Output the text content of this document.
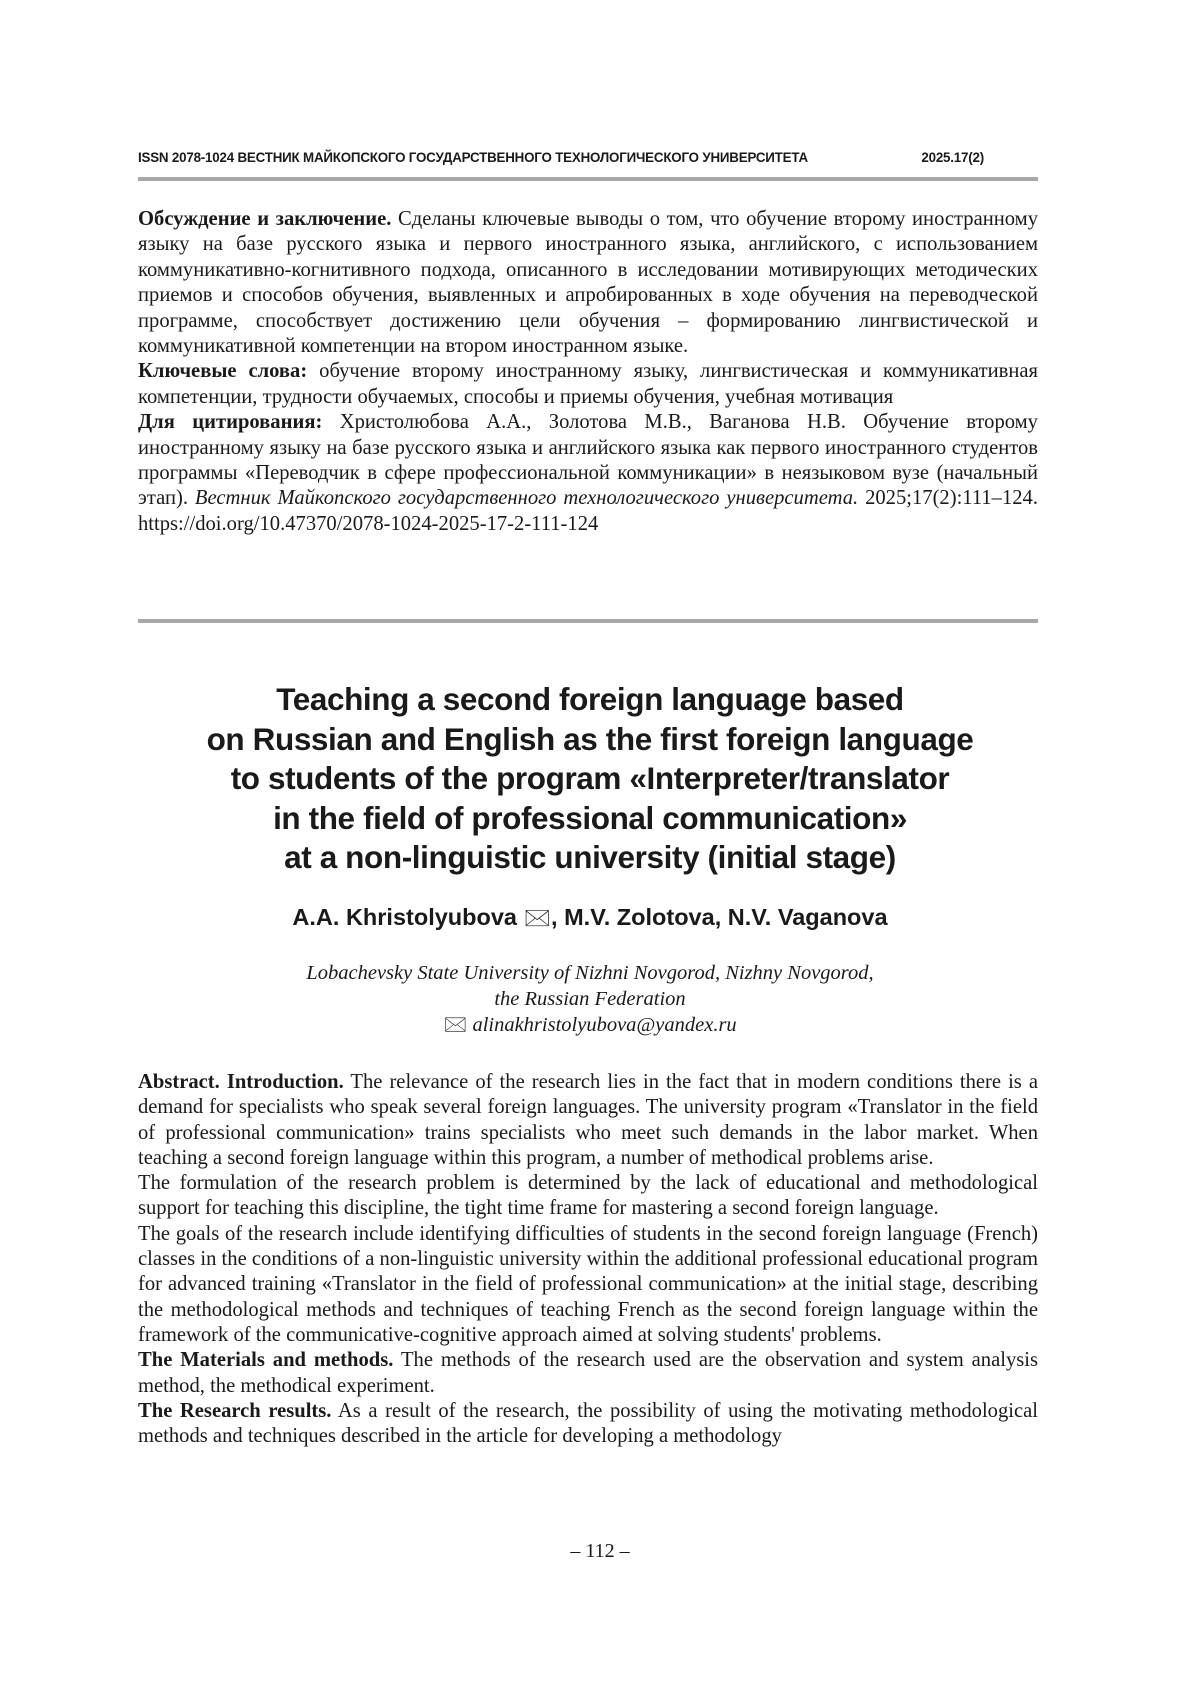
ISSN 2078-1024 ВЕСТНИК МАЙКОПСКОГО ГОСУДАРСТВЕННОГО ТЕХНОЛОГИЧЕСКОГО УНИВЕРСИТЕТА	2025.17(2)

Обсуждение и заключение. Сделаны ключевые выводы о том, что обучение второму иностранному языку на базе русского языка и первого иностранного языка, английского, с использованием коммуникативно-когнитивного подхода, описанного в исследовании мотивирующих методических приемов и способов обучения, выявленных и апробированных в ходе обучения на переводческой программе, способствует достижению цели обучения – формированию лингвистической и коммуникативной компетенции на втором иностранном языке.

Ключевые слова: обучение второму иностранному языку, лингвистическая и коммуникативная компетенции, трудности обучаемых, способы и приемы обучения, учебная мотивация

Для цитирования: Христолюбова А.А., Золотова М.В., Ваганова Н.В. Обучение второму иностранному языку на базе русского языка и английского языка как первого иностранного студентов программы «Переводчик в сфере профессиональной коммуникации» в неязыковом вузе (начальный этап). Вестник Майкопского государственного технологического университета. 2025;17(2):111–124. https://doi.org/10.47370/2078-1024-2025-17-2-111-124

Teaching a second foreign language based
on Russian and English as the first foreign language
to students of the program «Interpreter/translator
in the field of professional communication»
at a non-linguistic university (initial stage)
A.A. Khristolyubova 🖂, M.V. Zolotova, N.V. Vaganova
Lobachevsky State University of Nizhni Novgorod, Nizhny Novgorod,
the Russian Federation
🖂 alinakhristolyubova@yandex.ru

Abstract. Introduction. The relevance of the research lies in the fact that in modern conditions there is a demand for specialists who speak several foreign languages. The university program «Translator in the field of professional communication» trains specialists who meet such demands in the labor market. When teaching a second foreign language within this program, a number of methodical problems arise.

The formulation of the research problem is determined by the lack of educational and methodological support for teaching this discipline, the tight time frame for mastering a second foreign language.

The goals of the research include identifying difficulties of students in the second foreign language (French) classes in the conditions of a non-linguistic university within the additional professional educational program for advanced training «Translator in the field of professional communication» at the initial stage, describing the methodological methods and techniques of teaching French as the second foreign language within the framework of the communicative-cognitive approach aimed at solving students' problems.

The Materials and methods. The methods of the research used are the observation and system analysis method, the methodical experiment.

The Research results. As a result of the research, the possibility of using the motivating methodological methods and techniques described in the article for developing a methodology

– 112 –
